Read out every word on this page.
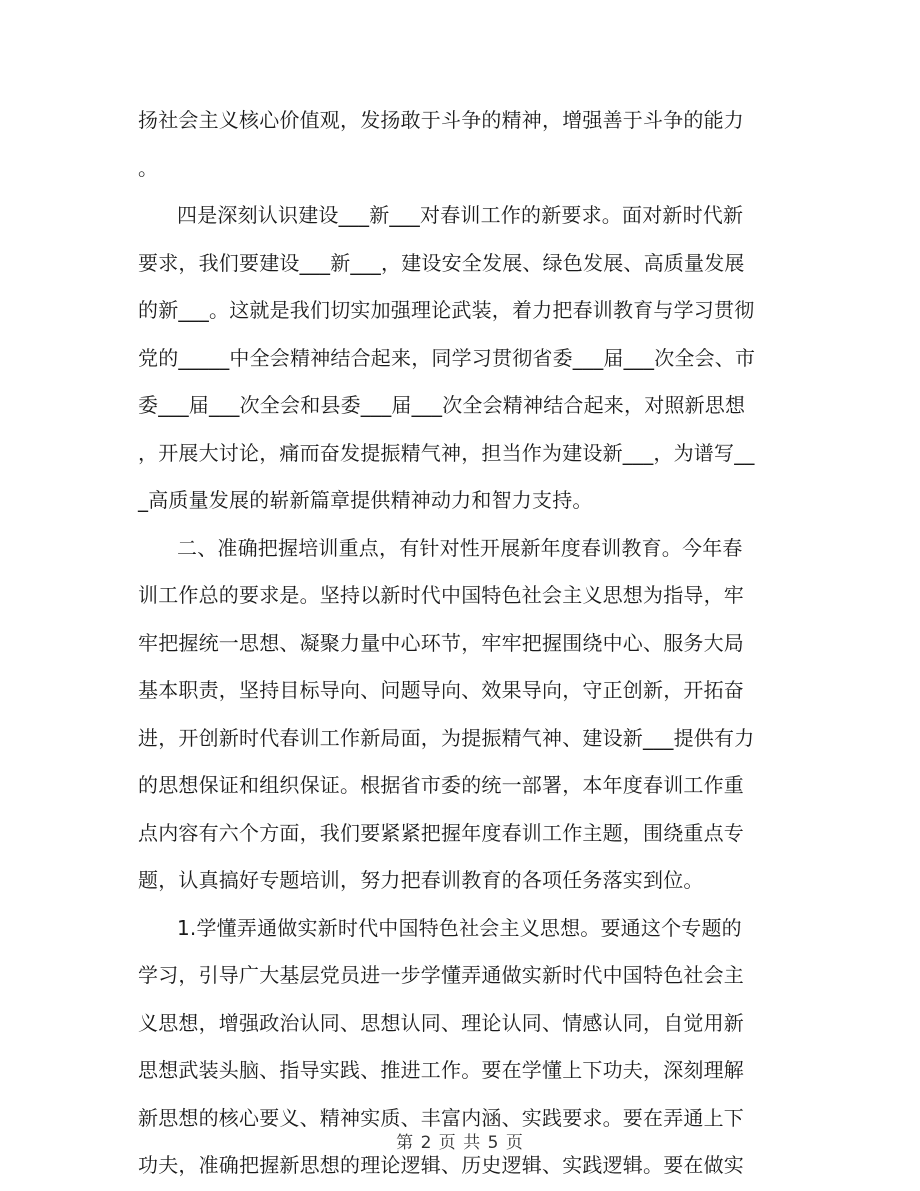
扬社会主义核心价值观，发扬敢于斗争的精神，增强善于斗争的能力
。
四是深刻认识建设___新___对春训工作的新要求。面对新时代新
要求，我们要建设___新___，建设安全发展、绿色发展、高质量发展
的新___。这就是我们切实加强理论武装，着力把春训教育与学习贯彻
党的_____中全会精神结合起来，同学习贯彻省委___届___次全会、市
委___届___次全会和县委___届___次全会精神结合起来，对照新思想
，开展大讨论，痛而奋发提振精气神，担当作为建设新___，为谱写__
_高质量发展的崭新篇章提供精神动力和智力支持。
二、准确把握培训重点，有针对性开展新年度春训教育。今年春
训工作总的要求是。坚持以新时代中国特色社会主义思想为指导，牢
牢把握统一思想、凝聚力量中心环节，牢牢把握围绕中心、服务大局
基本职责，坚持目标导向、问题导向、效果导向，守正创新，开拓奋
进，开创新时代春训工作新局面，为提振精气神、建设新___提供有力
的思想保证和组织保证。根据省市委的统一部署，本年度春训工作重
点内容有六个方面，我们要紧紧把握年度春训工作主题，围绕重点专
题，认真搞好专题培训，努力把春训教育的各项任务落实到位。
1.学懂弄通做实新时代中国特色社会主义思想。要通这个专题的
学习，引导广大基层党员进一步学懂弄通做实新时代中国特色社会主
义思想，增强政治认同、思想认同、理论认同、情感认同，自觉用新
思想武装头脑、指导实践、推进工作。要在学懂上下功夫，深刻理解
新思想的核心要义、精神实质、丰富内涵、实践要求。要在弄通上下
功夫，准确把握新思想的理论逻辑、历史逻辑、实践逻辑。要在做实
第 2 页 共 5 页
